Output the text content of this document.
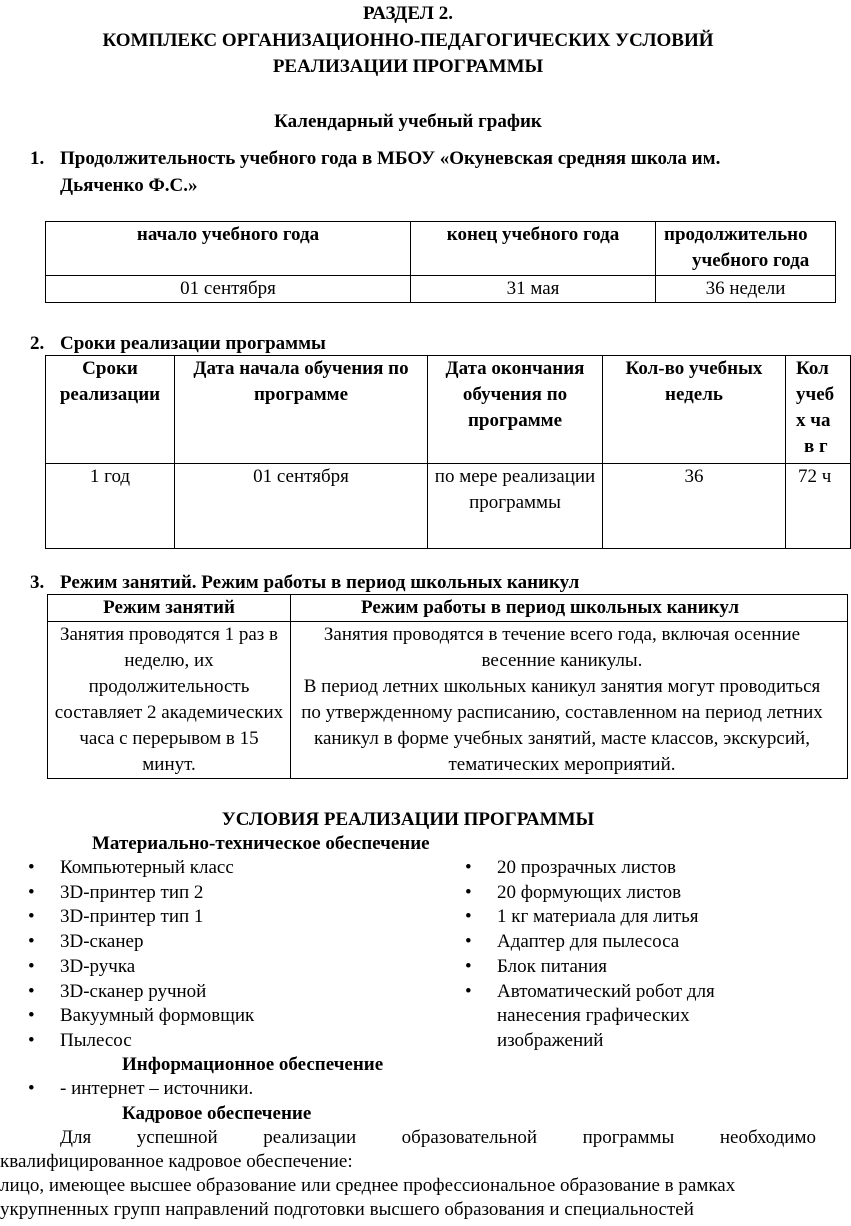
РАЗДЕЛ 2.
КОМПЛЕКС ОРГАНИЗАЦИОННО-ПЕДАГОГИЧЕСКИХ УСЛОВИЙ
РЕАЛИЗАЦИИ ПРОГРАММЫ
Календарный учебный график
1. Продолжительность учебного года в МБОУ «Окуневская средняя школа им.
Дьяченко Ф.С.»
начало учебного года	конец учебного года	продолжительно
учебного года

01 сентября	31 мая	36 недели
2. Сроки реализации программы
Сроки реализации	Дата начала обучения по программе	Дата окончания обучения по программе	Кол-во учебных недель	Кол
учеб
х ча
в г

1 год	01 сентября	по мере реализации программы	36	72 ч
3. Режим занятий. Режим работы в период школьных каникул
Режим занятий	Режим работы в период школьных каникул
Занятия проводятся 1 раз в неделю, их продолжительность составляет 2 академических часа с перерывом в 15 минут.	Занятия проводятся в течение всего года, включая осенние весенние каникулы.
В период летних школьных каникул занятия могут проводиться по утвержденному расписанию, составленном на период летних каникул в форме учебных занятий, масте классов, экскурсий, тематических мероприятий.
УСЛОВИЯ РЕАЛИЗАЦИИ ПРОГРАММЫ
Материально-техническое обеспечение
• Компьютерный класс
• 3D-принтер тип 2
• 3D-принтер тип 1
• 3D-сканер
• 3D-ручка
• 3D-сканер ручной
• Вакуумный формовщик
• Пылесос
• 20 прозрачных листов
• 20 формующих листов
• 1 кг материала для литья
• Адаптер для пылесоса
• Блок питания
• Автоматический робот для нанесения графических изображений
Информационное обеспечение
• - интернет – источники.
Кадровое обеспечение
Для успешной реализации образовательной программы необходимо
квалифицированное кадровое обеспечение:
лицо, имеющее высшее образование или среднее профессиональное образование в рамках
укрупненных групп направлений подготовки высшего образования и специальностей
